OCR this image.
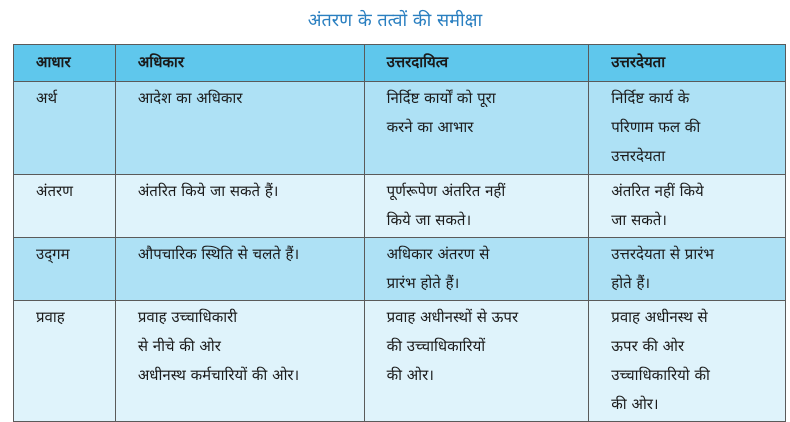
अंतरण के तत्वों की समीक्षा
आधार	अधिकार	उत्तरदायित्व	उत्तरदेयता

अर्थ	आदेश का अधिकार	निर्दिष्ट कार्यों को पूरा
करने का आभार	निर्दिष्ट कार्य के
परिणाम फल की
उत्तरदेयता

अंतरण	अंतरित किये जा सकते हैं।	पूर्णरूपेण अंतरित नहीं
किये जा सकते।	अंतरित नहीं किये
जा सकते।

उद्‌गम	औपचारिक स्थिति से चलते हैं।	अधिकार अंतरण से
प्रारंभ होते हैं।	उत्तरदेयता से प्रारंभ
होते हैं।

प्रवाह	प्रवाह उच्चाधिकारी
से नीचे की ओर
अधीनस्थ कर्मचारियों की ओर।	प्रवाह अधीनस्थों से ऊपर
की उच्चाधिकारियों
की ओर।	प्रवाह अधीनस्थ से
ऊपर की ओर
उच्चाधिकारियो की
की ओर।
